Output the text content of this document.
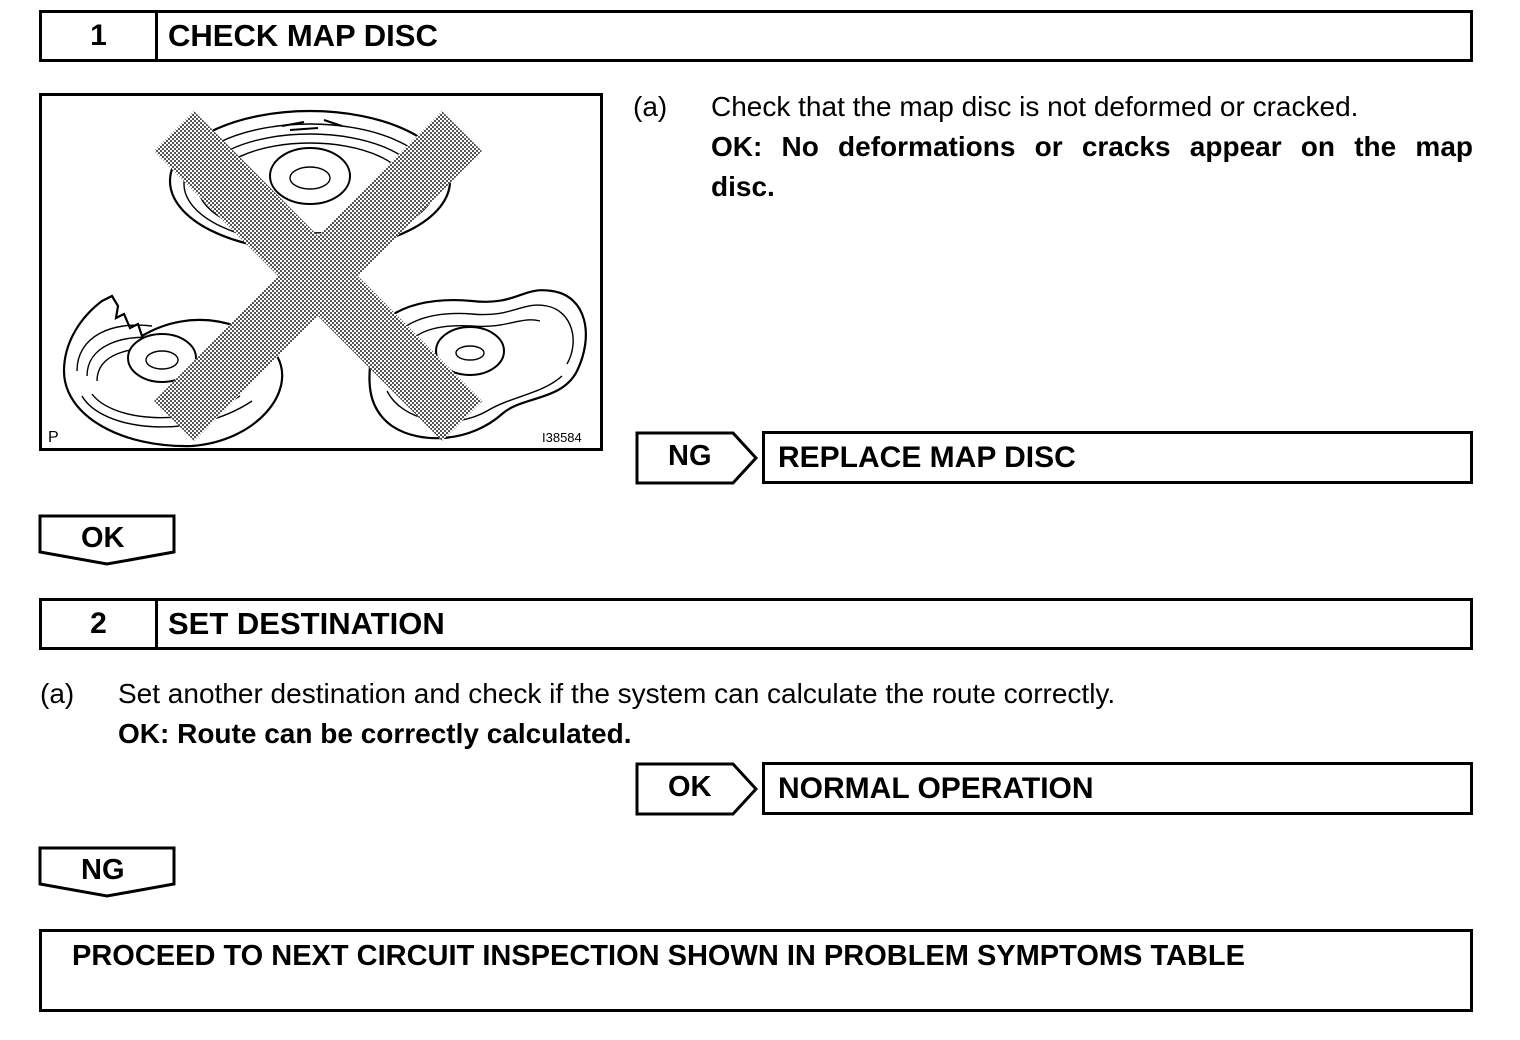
1	CHECK MAP DISC
P	I38584
(a) Check that the map disc is not deformed or cracked.
OK: No deformations or cracks appear on the map
disc.
NG REPLACE MAP DISC
OK
2	SET DESTINATION
(a) Set another destination and check if the system can calculate the route correctly.
OK: Route can be correctly calculated.
OK NORMAL OPERATION
NG
PROCEED TO NEXT CIRCUIT INSPECTION SHOWN IN PROBLEM SYMPTOMS TABLE
